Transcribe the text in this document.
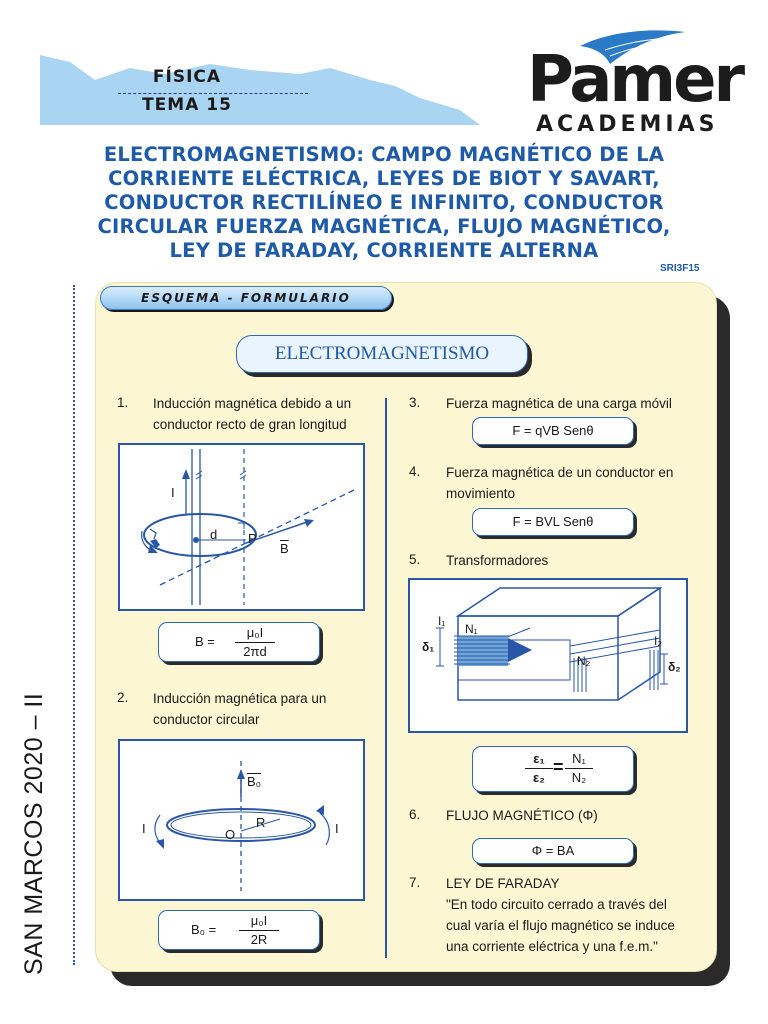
FÍSICA
TEMA 15	Pamer
ACADEMIAS
ELECTROMAGNETISMO: CAMPO MAGNÉTICO DE LA
CORRIENTE ELÉCTRICA, LEYES DE BIOT Y SAVART,
CONDUCTOR RECTILÍNEO E INFINITO, CONDUCTOR
CIRCULAR FUERZA MAGNÉTICA, FLUJO MAGNÉTICO,
LEY DE FARADAY, CORRIENTE ALTERNA
SRI3F15
SAN MARCOS 2020 – II
ESQUEMA - FORMULARIO
ELECTROMAGNETISMO
1. Inducción magnética debido a un
conductor recto de gran longitud
I
d P
$\overline{B}$
B =
μ₀I
2πd
2. Inducción magnética para un
conductor circular
B₀
R
O
I	I
B₀ =
μ₀I
2R
3. Fuerza magnética de una carga móvil
F = qVB Senθ
4. Fuerza magnética de un conductor en
movimiento
F = BVL Senθ
5. Transformadores
I₁
N₁
δ₁
N₂
I₂
δ₂
ε₁
ε₂
= N₁
N₂
6. FLUJO MAGNÉTICO (Φ)
Φ = BA
7. LEY DE FARADAY
"En todo circuito cerrado a través del
cual varía el flujo magnético se induce
una corriente eléctrica y una f.e.m."
